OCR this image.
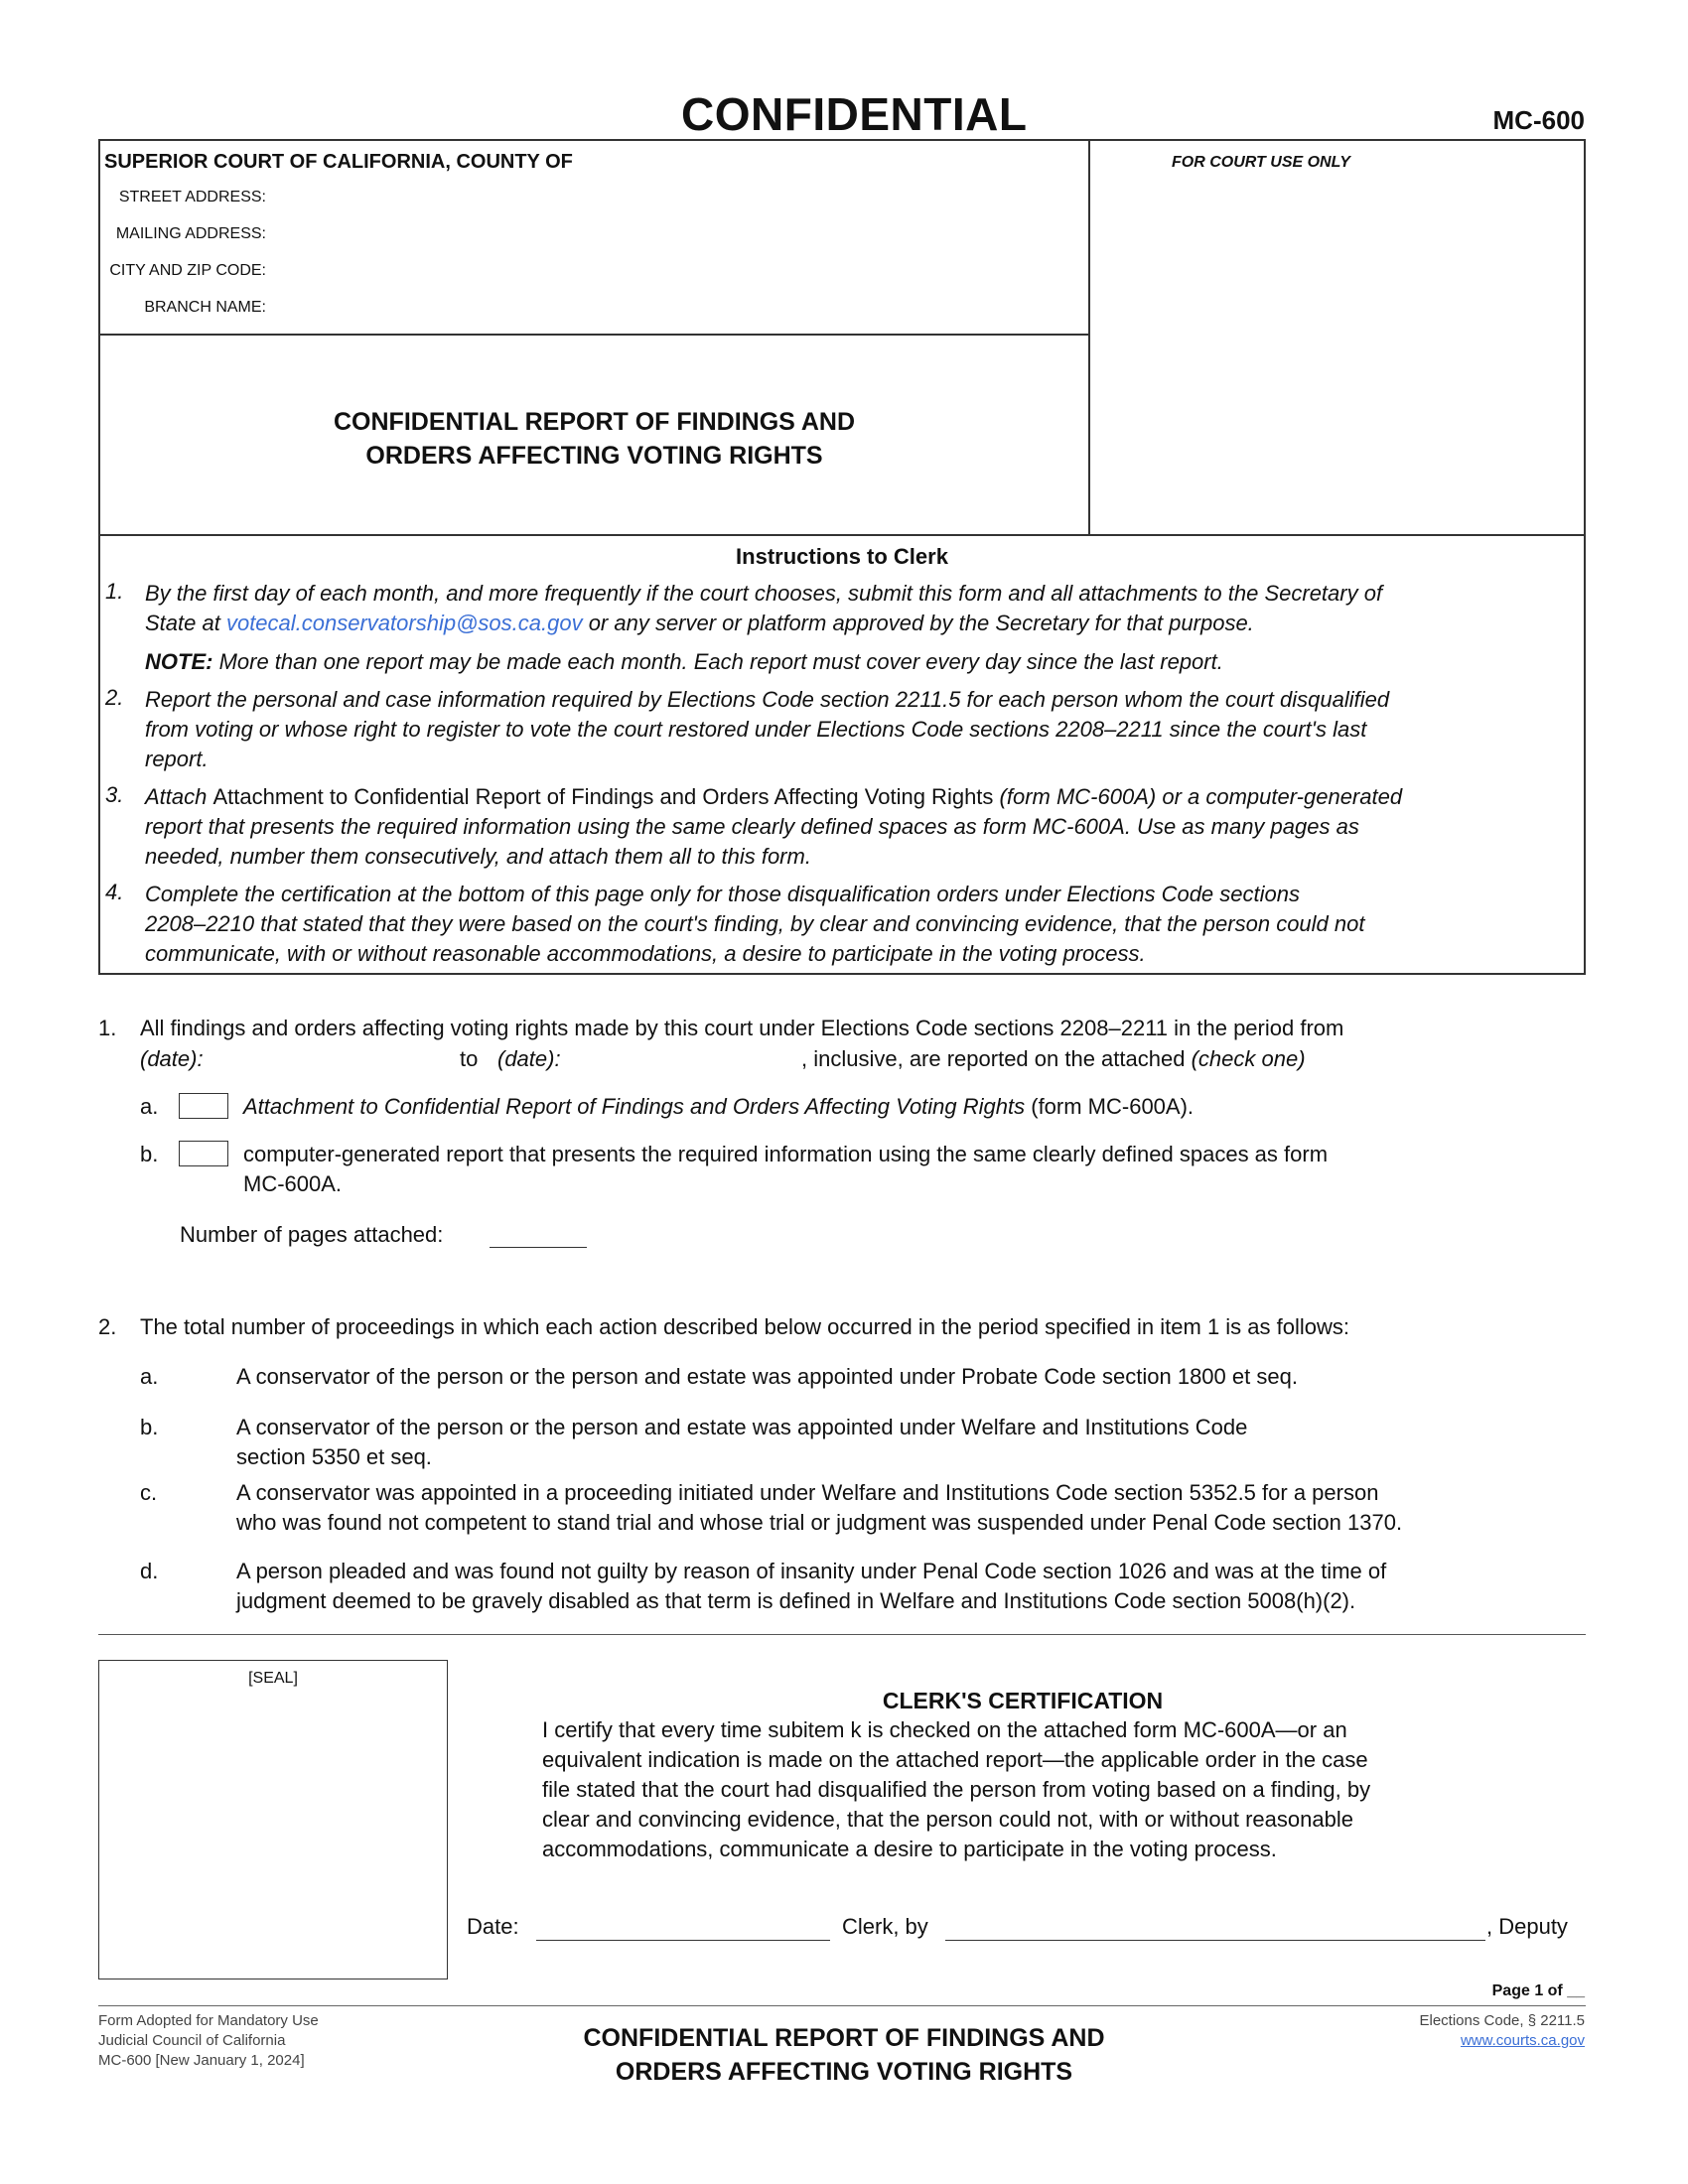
CONFIDENTIAL	MC-600
SUPERIOR COURT OF CALIFORNIA, COUNTY OF
STREET ADDRESS:
MAILING ADDRESS:
CITY AND ZIP CODE:
BRANCH NAME:
FOR COURT USE ONLY
CONFIDENTIAL REPORT OF FINDINGS AND
ORDERS AFFECTING VOTING RIGHTS
Instructions to Clerk
1. By the first day of each month, and more frequently if the court chooses, submit this form and all attachments to the Secretary of
State at votecal.conservatorship@sos.ca.gov or any server or platform approved by the Secretary for that purpose.
NOTE: More than one report may be made each month. Each report must cover every day since the last report.
2. Report the personal and case information required by Elections Code section 2211.5 for each person whom the court disqualified
from voting or whose right to register to vote the court restored under Elections Code sections 2208–2211 since the court's last
report.
3. Attach Attachment to Confidential Report of Findings and Orders Affecting Voting Rights (form MC-600A) or a computer-generated
report that presents the required information using the same clearly defined spaces as form MC-600A. Use as many pages as
needed, number them consecutively, and attach them all to this form.
4. Complete the certification at the bottom of this page only for those disqualification orders under Elections Code sections
2208–2210 that stated that they were based on the court's finding, by clear and convincing evidence, that the person could not
communicate, with or without reasonable accommodations, a desire to participate in the voting process.
1. All findings and orders affecting voting rights made by this court under Elections Code sections 2208–2211 in the period from
(date):	to (date):	, inclusive, are reported on the attached (check one)
a.	Attachment to Confidential Report of Findings and Orders Affecting Voting Rights (form MC-600A).
b.	computer-generated report that presents the required information using the same clearly defined spaces as form
MC-600A.
Number of pages attached:
2. The total number of proceedings in which each action described below occurred in the period specified in item 1 is as follows:
a.	A conservator of the person or the person and estate was appointed under Probate Code section 1800 et seq.
b.	A conservator of the person or the person and estate was appointed under Welfare and Institutions Code
section 5350 et seq.
c.	A conservator was appointed in a proceeding initiated under Welfare and Institutions Code section 5352.5 for a person
who was found not competent to stand trial and whose trial or judgment was suspended under Penal Code section 1370.
d.	A person pleaded and was found not guilty by reason of insanity under Penal Code section 1026 and was at the time of
judgment deemed to be gravely disabled as that term is defined in Welfare and Institutions Code section 5008(h)(2).
[SEAL]
CLERK'S CERTIFICATION
I certify that every time subitem k is checked on the attached form MC-600A—or an
equivalent indication is made on the attached report—the applicable order in the case
file stated that the court had disqualified the person from voting based on a finding, by
clear and convincing evidence, that the person could not, with or without reasonable
accommodations, communicate a desire to participate in the voting process.
Date:	Clerk, by	, Deputy
Page 1 of __
Form Adopted for Mandatory Use
Judicial Council of California
MC-600 [New January 1, 2024]
CONFIDENTIAL REPORT OF FINDINGS AND
ORDERS AFFECTING VOTING RIGHTS
Elections Code, § 2211.5
www.courts.ca.gov
